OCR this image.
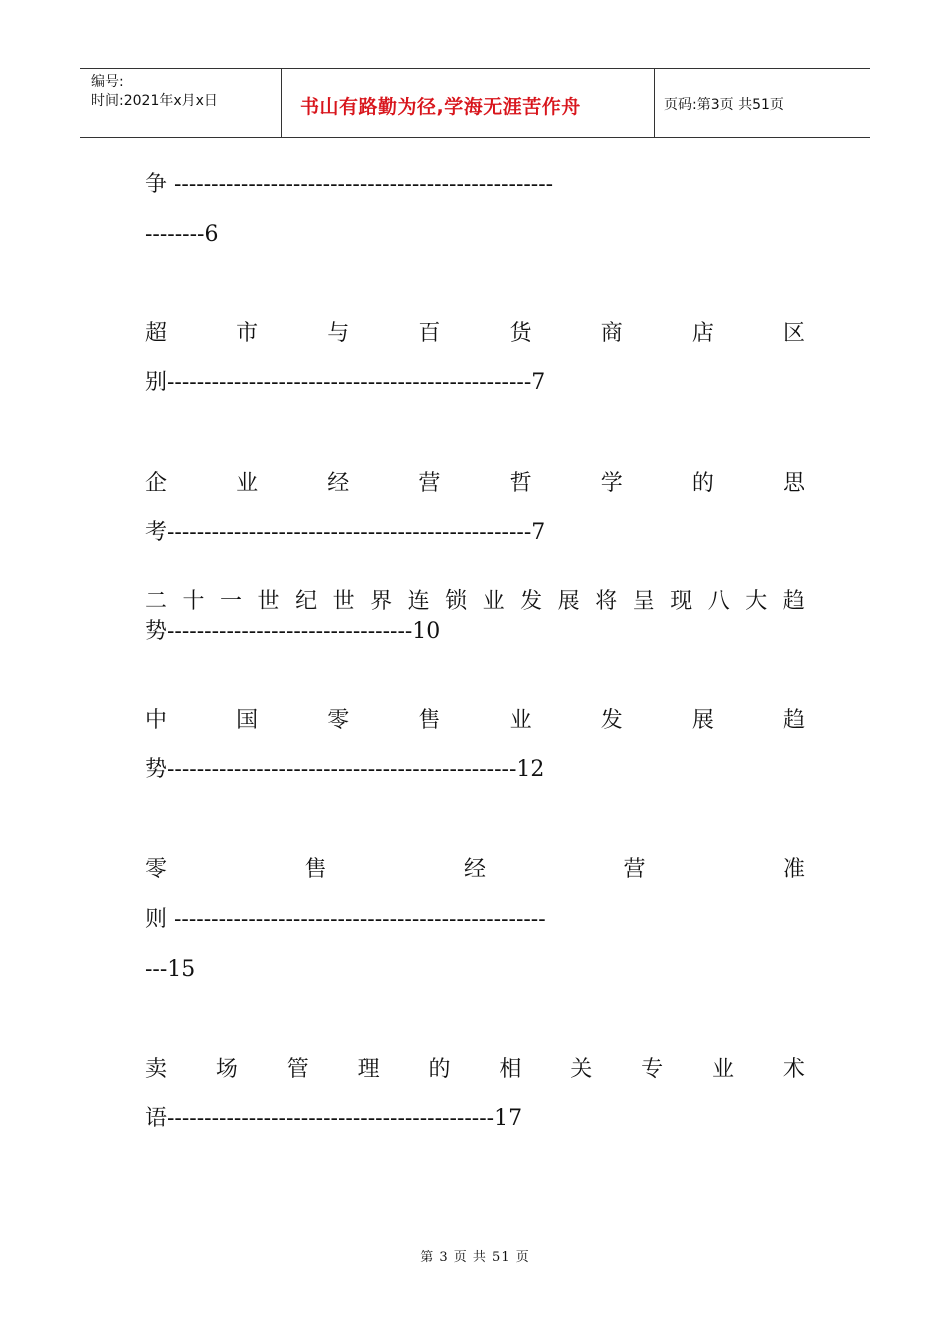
编号:
时间:2021年x月x日	书山有路勤为径,学海无涯苦作舟	页码:第3页 共51页
争 ---------------------------------------------------
--------6
超	市	与	百	货	商	店	区
别-------------------------------------------------7
企	业	经	营	哲	学	的	思
考-------------------------------------------------7
二 十 一 世 纪 世 界 连 锁 业 发 展 将 呈 现 八 大 趋
势---------------------------------10
中	国	零	售	业	发	展	趋
势-----------------------------------------------12
零	售	经	营	准
则 --------------------------------------------------
---15
卖 场 管 理 的 相 关 专 业 术
语--------------------------------------------17
第 3 页 共 51 页
